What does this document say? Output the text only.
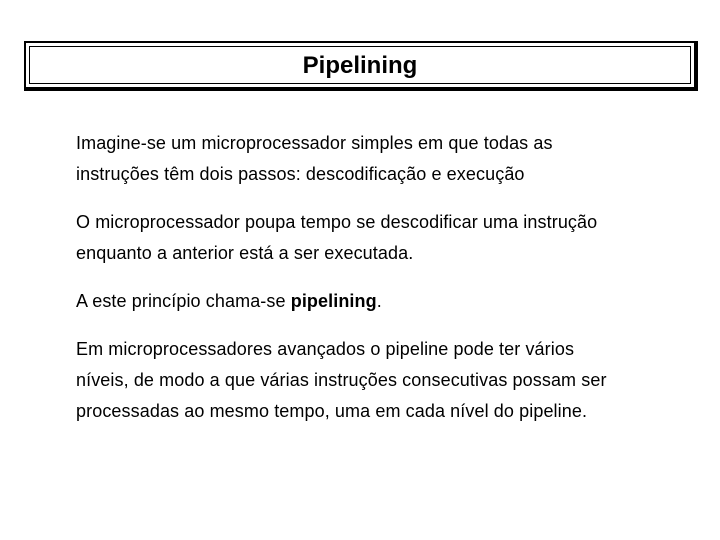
Pipelining

Imagine-se um microprocessador simples em que todas as
instruções têm dois passos: descodificação e execução

O microprocessador poupa tempo se descodificar uma instrução
enquanto a anterior está a ser executada.

A este princípio chama-se pipelining.

Em microprocessadores avançados o pipeline pode ter vários
níveis, de modo a que várias instruções consecutivas possam ser
processadas ao mesmo tempo, uma em cada nível do pipeline.
